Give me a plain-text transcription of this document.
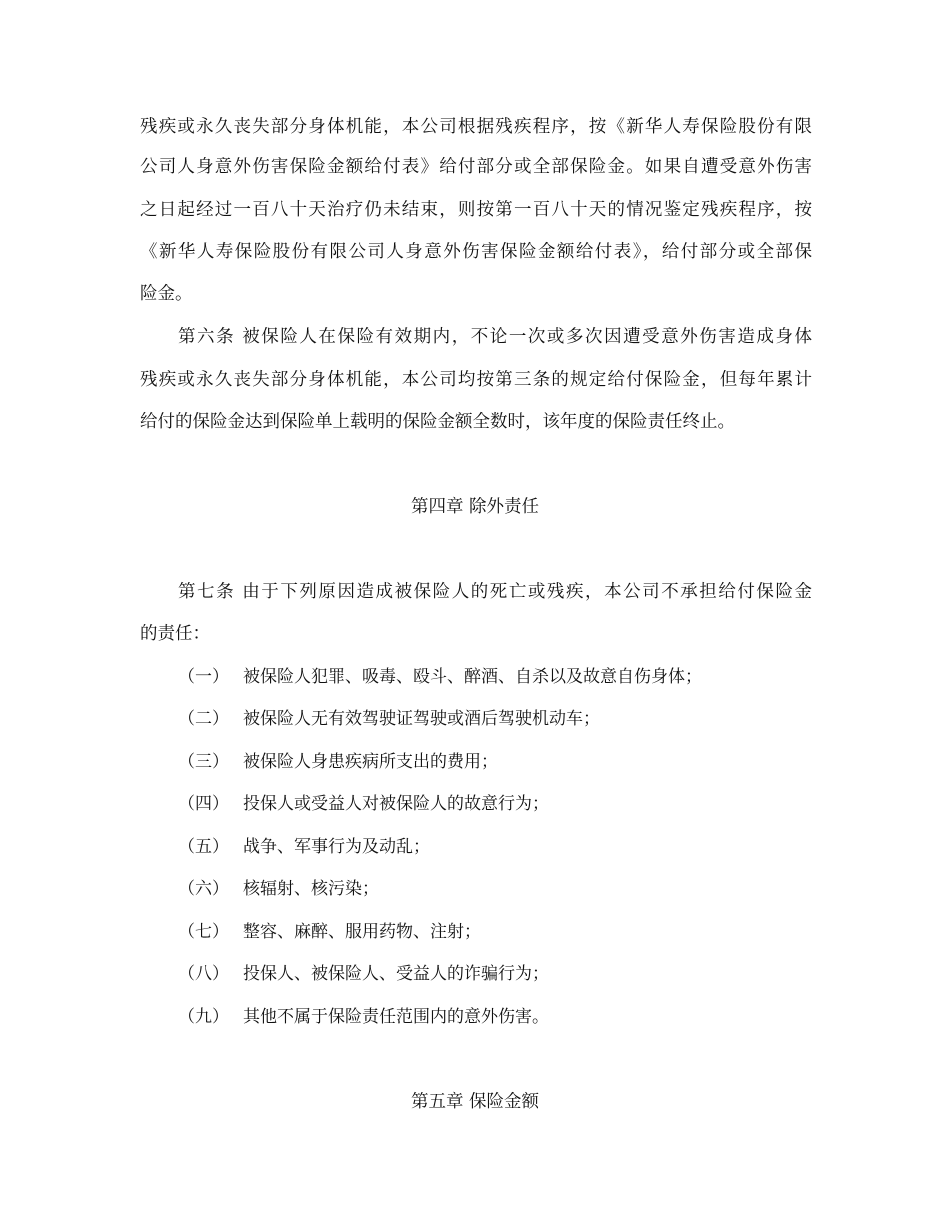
残疾或永久丧失部分身体机能，本公司根据残疾程序，按《新华人寿保险股份有限
公司人身意外伤害保险金额给付表》给付部分或全部保险金。如果自遭受意外伤害
之日起经过一百八十天治疗仍未结束，则按第一百八十天的情况鉴定残疾程序，按
《新华人寿保险股份有限公司人身意外伤害保险金额给付表》，给付部分或全部保
险金。
第六条 被保险人在保险有效期内，不论一次或多次因遭受意外伤害造成身体
残疾或永久丧失部分身体机能，本公司均按第三条的规定给付保险金，但每年累计
给付的保险金达到保险单上载明的保险金额全数时，该年度的保险责任终止。
第四章 除外责任
第七条 由于下列原因造成被保险人的死亡或残疾，本公司不承担给付保险金
的责任：
（一） 被保险人犯罪、吸毒、殴斗、醉酒、自杀以及故意自伤身体；
（二） 被保险人无有效驾驶证驾驶或酒后驾驶机动车；
（三） 被保险人身患疾病所支出的费用；
（四） 投保人或受益人对被保险人的故意行为；
（五） 战争、军事行为及动乱；
（六） 核辐射、核污染；
（七） 整容、麻醉、服用药物、注射；
（八） 投保人、被保险人、受益人的诈骗行为；
（九） 其他不属于保险责任范围内的意外伤害。
第五章 保险金额
